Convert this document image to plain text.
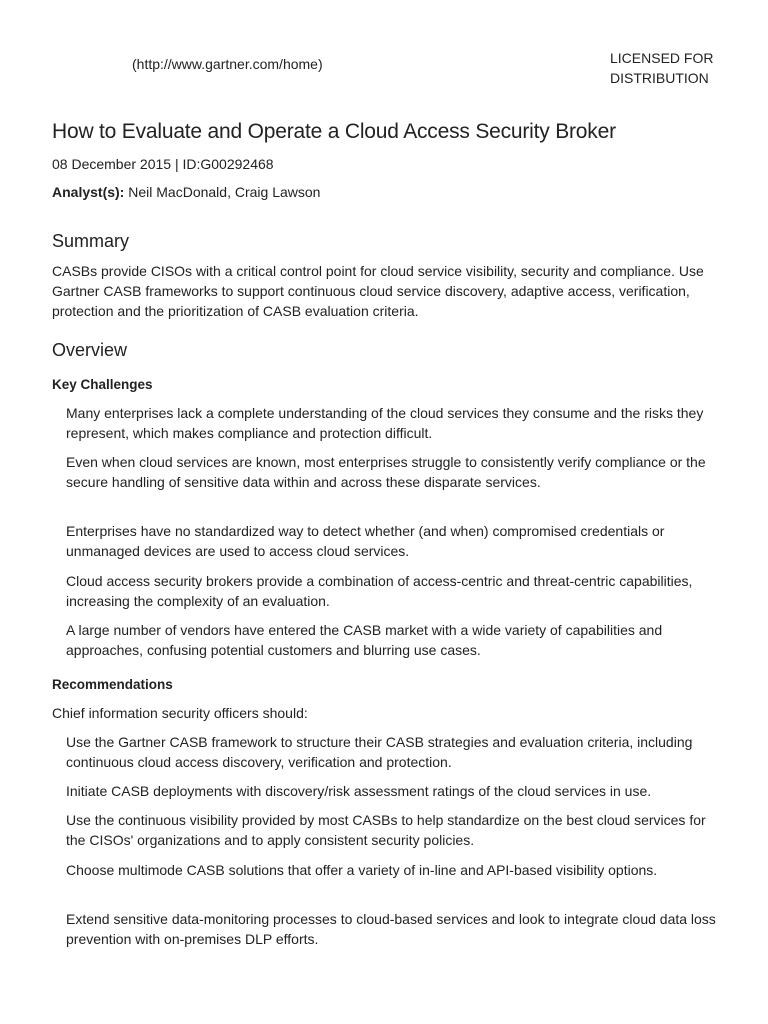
(http://www.gartner.com/home)	LICENSED FOR
DISTRIBUTION
How to Evaluate and Operate a Cloud Access Security Broker
08 December 2015 | ID:G00292468
Analyst(s): Neil MacDonald, Craig Lawson
Summary

CASBs provide CISOs with a critical control point for cloud service visibility, security and compliance. Use Gartner CASB frameworks to support continuous cloud service discovery, adaptive access, verification, protection and the prioritization of CASB evaluation criteria.

Overview
Key Challenges

Many enterprises lack a complete understanding of the cloud services they consume and the risks they represent, which makes compliance and protection difficult.

Even when cloud services are known, most enterprises struggle to consistently verify compliance or the secure handling of sensitive data within and across these disparate services.

Enterprises have no standardized way to detect whether (and when) compromised credentials or unmanaged devices are used to access cloud services.

Cloud access security brokers provide a combination of access-centric and threat-centric capabilities, increasing the complexity of an evaluation.

A large number of vendors have entered the CASB market with a wide variety of capabilities and approaches, confusing potential customers and blurring use cases.

Recommendations

Chief information security officers should:

Use the Gartner CASB framework to structure their CASB strategies and evaluation criteria, including continuous cloud access discovery, verification and protection.

Initiate CASB deployments with discovery/risk assessment ratings of the cloud services in use.

Use the continuous visibility provided by most CASBs to help standardize on the best cloud services for the CISOs' organizations and to apply consistent security policies.

Choose multimode CASB solutions that offer a variety of in-line and API-based visibility options.

Extend sensitive data-monitoring processes to cloud-based services and look to integrate cloud data loss prevention with on-premises DLP efforts.
